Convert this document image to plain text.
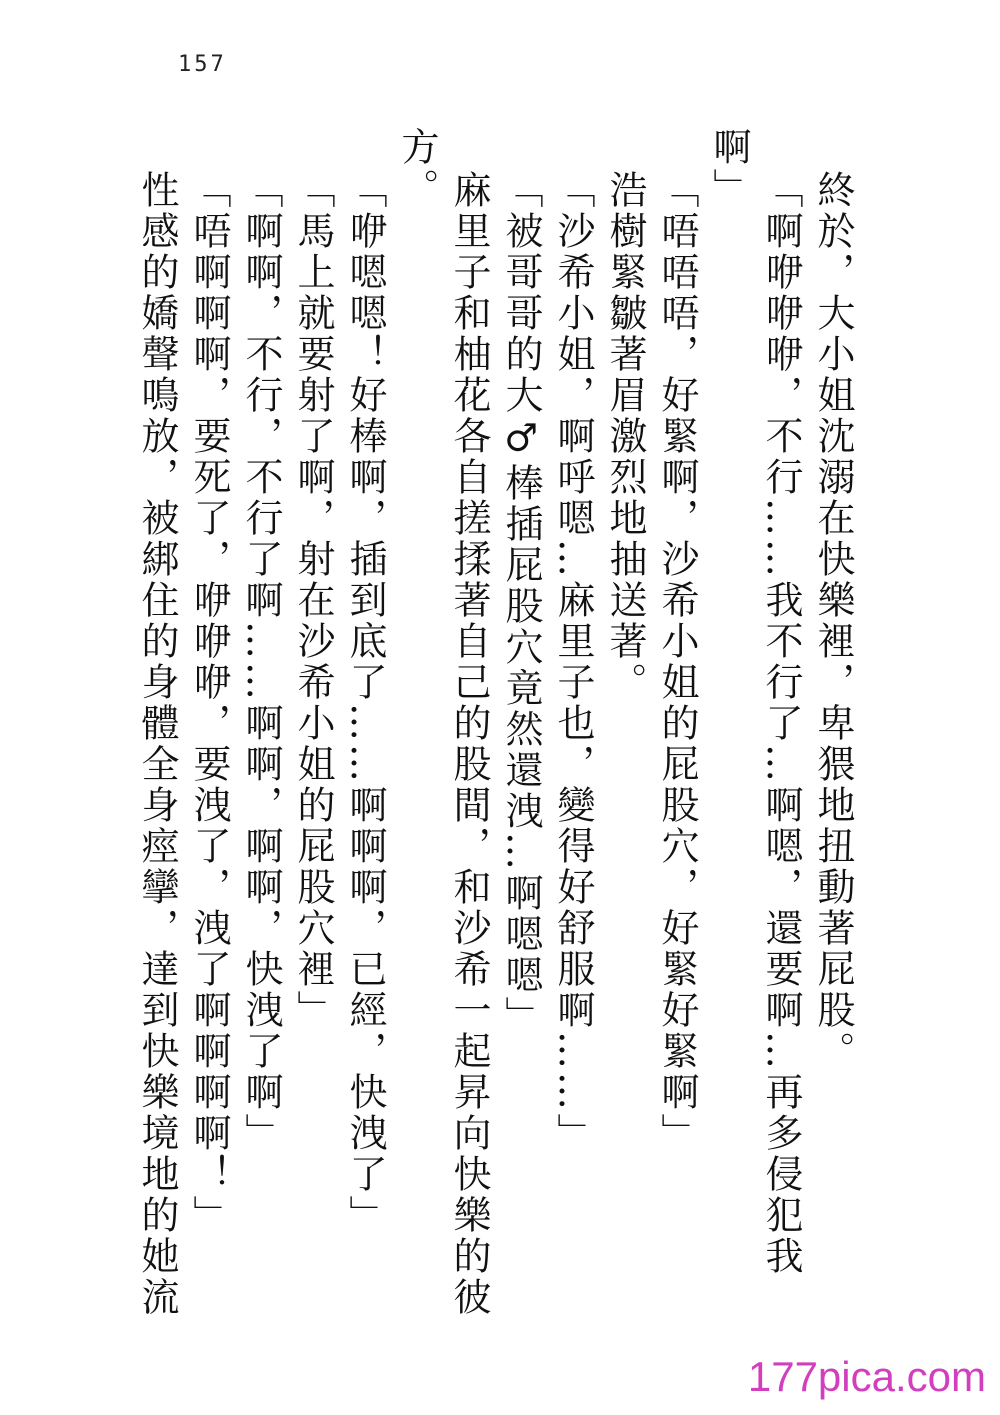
157
終於，大小姐沈溺在快樂裡，卑猥地扭動著屁股。
「啊咿咿咿，不行……我不行了…啊嗯，還要啊…再多侵犯我
啊」
「唔唔唔，好緊啊，沙希小姐的屁股穴，好緊好緊啊」
浩樹緊皺著眉激烈地抽送著。
「沙希小姐，啊呼嗯…麻里子也，變得好舒服啊……」
「被哥哥的大♂棒插屁股穴竟然還洩…啊嗯嗯」
麻里子和柚花各自搓揉著自己的股間，和沙希一起昇向快樂的彼
方。
「咿嗯嗯！好棒啊，插到底了……啊啊啊，已經，快洩了」
「馬上就要射了啊，射在沙希小姐的屁股穴裡」
「啊啊，不行，不行了啊……啊啊，啊啊，快洩了啊」
「唔啊啊啊，要死了，咿咿咿，要洩了，洩了啊啊啊啊！」
性感的嬌聲鳴放，被綁住的身體全身痙攣，達到快樂境地的她流
177pica.com
